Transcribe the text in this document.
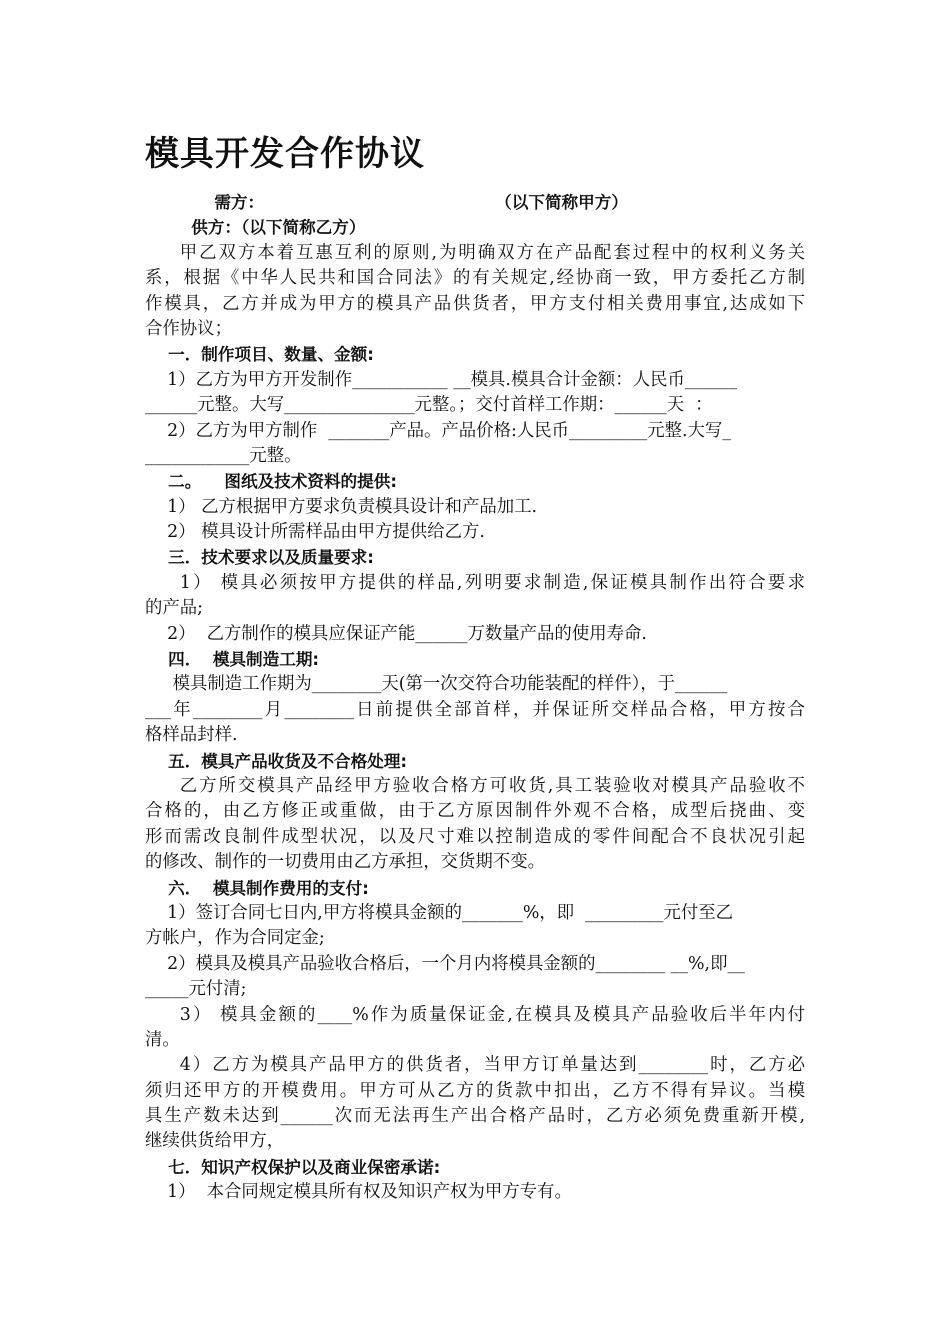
模具开发合作协议
需方：                                        （以下简称甲方）
供方：（以下简称乙方）
甲乙双方本着互惠互利的原则,为明确双方在产品配套过程中的权利义务关
系，根据《中华人民共和国合同法》的有关规定,经协商一致，甲方委托乙方制
作模具，乙方并成为甲方的模具产品供货者，甲方支付相关费用事宜,达成如下
合作协议；
一．制作项目、数量、金额:
1）乙方为甲方开发制作___________ __模具.模具合计金额：人民币______
______元整。大写_______________元整。；交付首样工作期：______天  ：
2）乙方为甲方制作  _______产品。产品价格:人民币_________元整.大写_
____________元整。
二。    图纸及技术资料的提供:
1） 乙方根据甲方要求负责模具设计和产品加工.
2） 模具设计所需样品由甲方提供给乙方.
三．技术要求以及质量要求:
1） 模具必须按甲方提供的样品,列明要求制造,保证模具制作出符合要求
的产品;
2）  乙方制作的模具应保证产能______万数量产品的使用寿命.
四．  模具制造工期:
模具制造工作期为________天(第一次交符合功能装配的样件），于______
___年________月________日前提供全部首样，并保证所交样品合格，甲方按合
格样品封样.
五．模具产品收货及不合格处理:
乙方所交模具产品经甲方验收合格方可收货,具工装验收对模具产品验收不
合格的，由乙方修正或重做，由于乙方原因制件外观不合格，成型后挠曲、变
形而需改良制件成型状况，以及尺寸难以控制造成的零件间配合不良状况引起
的修改、制作的一切费用由乙方承担，交货期不变。
六．  模具制作费用的支付:
1）签订合同七日内,甲方将模具金额的_______%，即  _________元付至乙
方帐户，作为合同定金;
2）模具及模具产品验收合格后，一个月内将模具金额的________ __%,即__
_____元付清;
3） 模具金额的____%作为质量保证金,在模具及模具产品验收后半年内付
清。
4）乙方为模具产品甲方的供货者，当甲方订单量达到________时，乙方必
须归还甲方的开模费用。甲方可从乙方的货款中扣出，乙方不得有异议。当模
具生产数未达到______次而无法再生产出合格产品时，乙方必须免费重新开模,
继续供货给甲方，
七．知识产权保护以及商业保密承诺:
1）  本合同规定模具所有权及知识产权为甲方专有。
